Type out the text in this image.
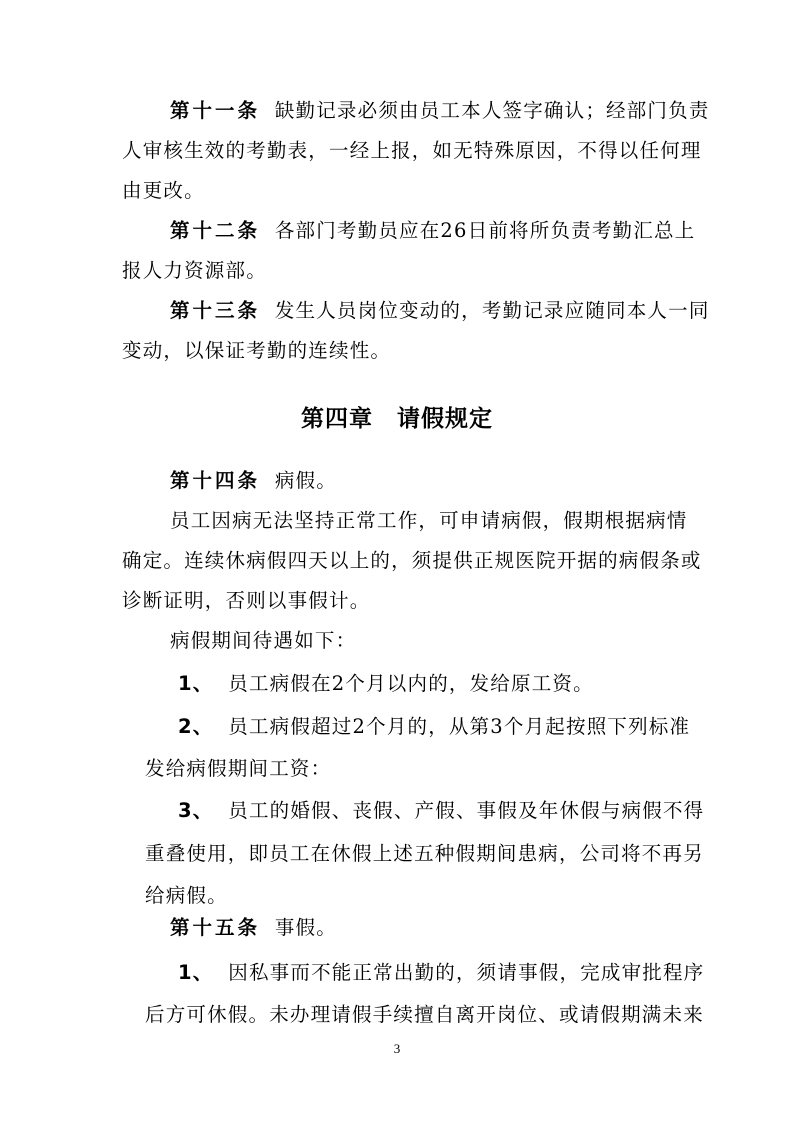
第十一条 缺勤记录必须由员工本人签字确认；经部门负责
人审核生效的考勤表，一经上报，如无特殊原因，不得以任何理
由更改。
第十二条 各部门考勤员应在26日前将所负责考勤汇总上
报人力资源部。
第十三条 发生人员岗位变动的，考勤记录应随同本人一同
变动，以保证考勤的连续性。
第四章　请假规定
第十四条 病假。
员工因病无法坚持正常工作，可申请病假，假期根据病情
确定。连续休病假四天以上的，须提供正规医院开据的病假条或
诊断证明，否则以事假计。
病假期间待遇如下：
1、 员工病假在2个月以内的，发给原工资。
2、 员工病假超过2个月的，从第3个月起按照下列标准
发给病假期间工资：
3、 员工的婚假、丧假、产假、事假及年休假与病假不得
重叠使用，即员工在休假上述五种假期间患病，公司将不再另
给病假。
第十五条 事假。
1、 因私事而不能正常出勤的，须请事假，完成审批程序
后方可休假。未办理请假手续擅自离开岗位、或请假期满未来
3
